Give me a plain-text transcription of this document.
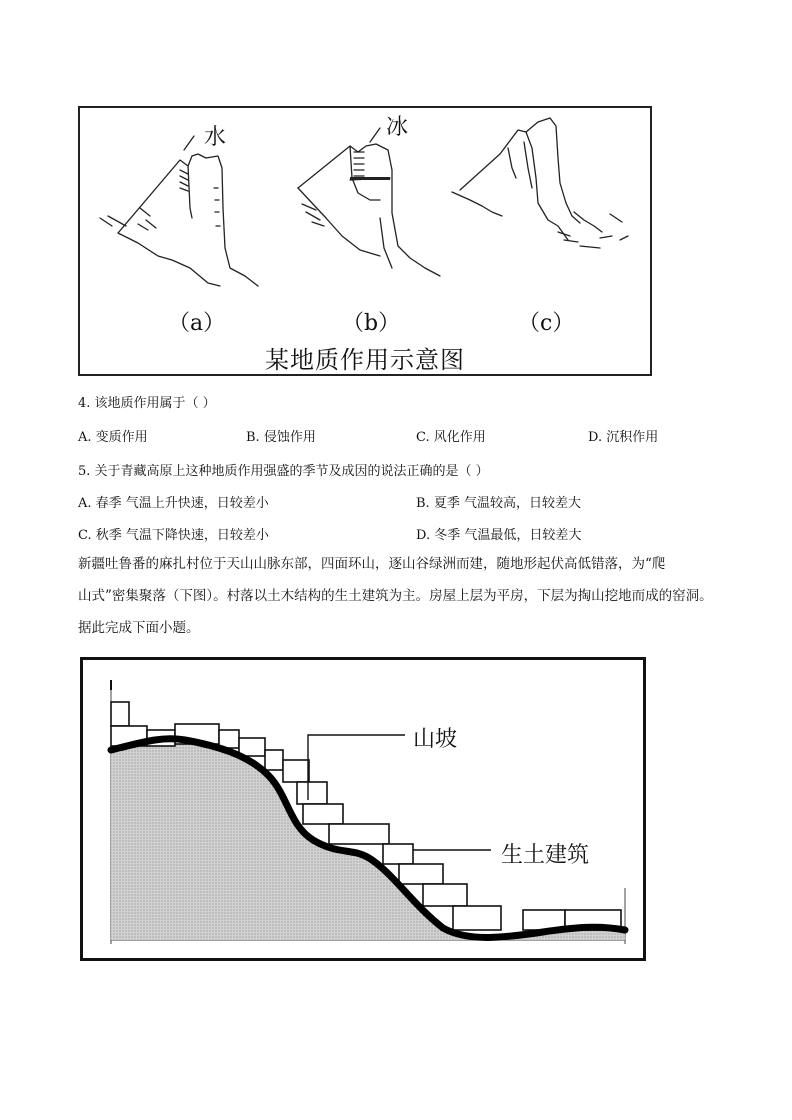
水	冰
（a）	（b）	（c）
某地质作用示意图
4. 该地质作用属于（ ）
A. 变质作用	B. 侵蚀作用	C. 风化作用	D. 沉积作用
5. 关于青藏高原上这种地质作用强盛的季节及成因的说法正确的是（ ）
A. 春季 气温上升快速，日较差小	B. 夏季 气温较高，日较差大
C. 秋季 气温下降快速，日较差小	D. 冬季 气温最低，日较差大
新疆吐鲁番的麻扎村位于天山山脉东部，四面环山，逐山谷绿洲而建，随地形起伏高低错落，为“爬
山式”密集聚落（下图）。村落以土木结构的生土建筑为主。房屋上层为平房，下层为掏山挖地而成的窑洞。
据此完成下面小题。
山坡
生土建筑
